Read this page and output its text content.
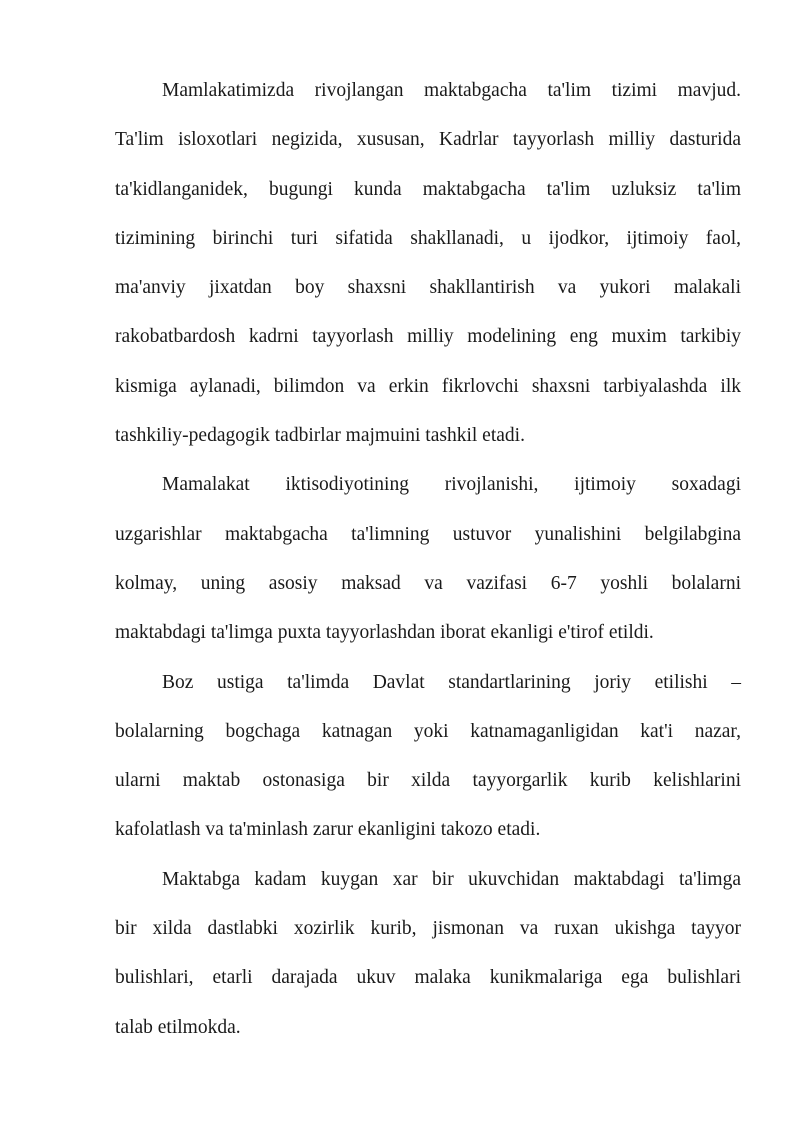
Mamlakatimizda rivojlangan maktabgacha ta'lim tizimi mavjud.
Ta'lim isloxotlari negizida, xususan, Kadrlar tayyorlash milliy dasturida
ta'kidlanganidek, bugungi kunda maktabgacha ta'lim uzluksiz ta'lim
tizimining birinchi turi sifatida shakllanadi, u ijodkor, ijtimoiy faol,
ma'anviy jixatdan boy shaxsni shakllantirish va yukori malakali
rakobatbardosh kadrni tayyorlash milliy modelining eng muxim tarkibiy
kismiga aylanadi, bilimdon va erkin fikrlovchi shaxsni tarbiyalashda ilk
tashkiliy-pedagogik tadbirlar majmuini tashkil etadi.
Mamalakat iktisodiyotining rivojlanishi, ijtimoiy soxadagi
uzgarishlar maktabgacha ta'limning ustuvor yunalishini belgilabgina
kolmay, uning asosiy maksad va vazifasi 6-7 yoshli bolalarni
maktabdagi ta'limga puxta tayyorlashdan iborat ekanligi e'tirof etildi.
Boz ustiga ta'limda Davlat standartlarining joriy etilishi –
bolalarning bogchaga katnagan yoki katnamaganligidan kat'i nazar,
ularni maktab ostonasiga bir xilda tayyorgarlik kurib kelishlarini
kafolatlash va ta'minlash zarur ekanligini takozo etadi.
Maktabga kadam kuygan xar bir ukuvchidan maktabdagi ta'limga
bir xilda dastlabki xozirlik kurib, jismonan va ruxan ukishga tayyor
bulishlari, etarli darajada ukuv malaka kunikmalariga ega bulishlari
talab etilmokda.
